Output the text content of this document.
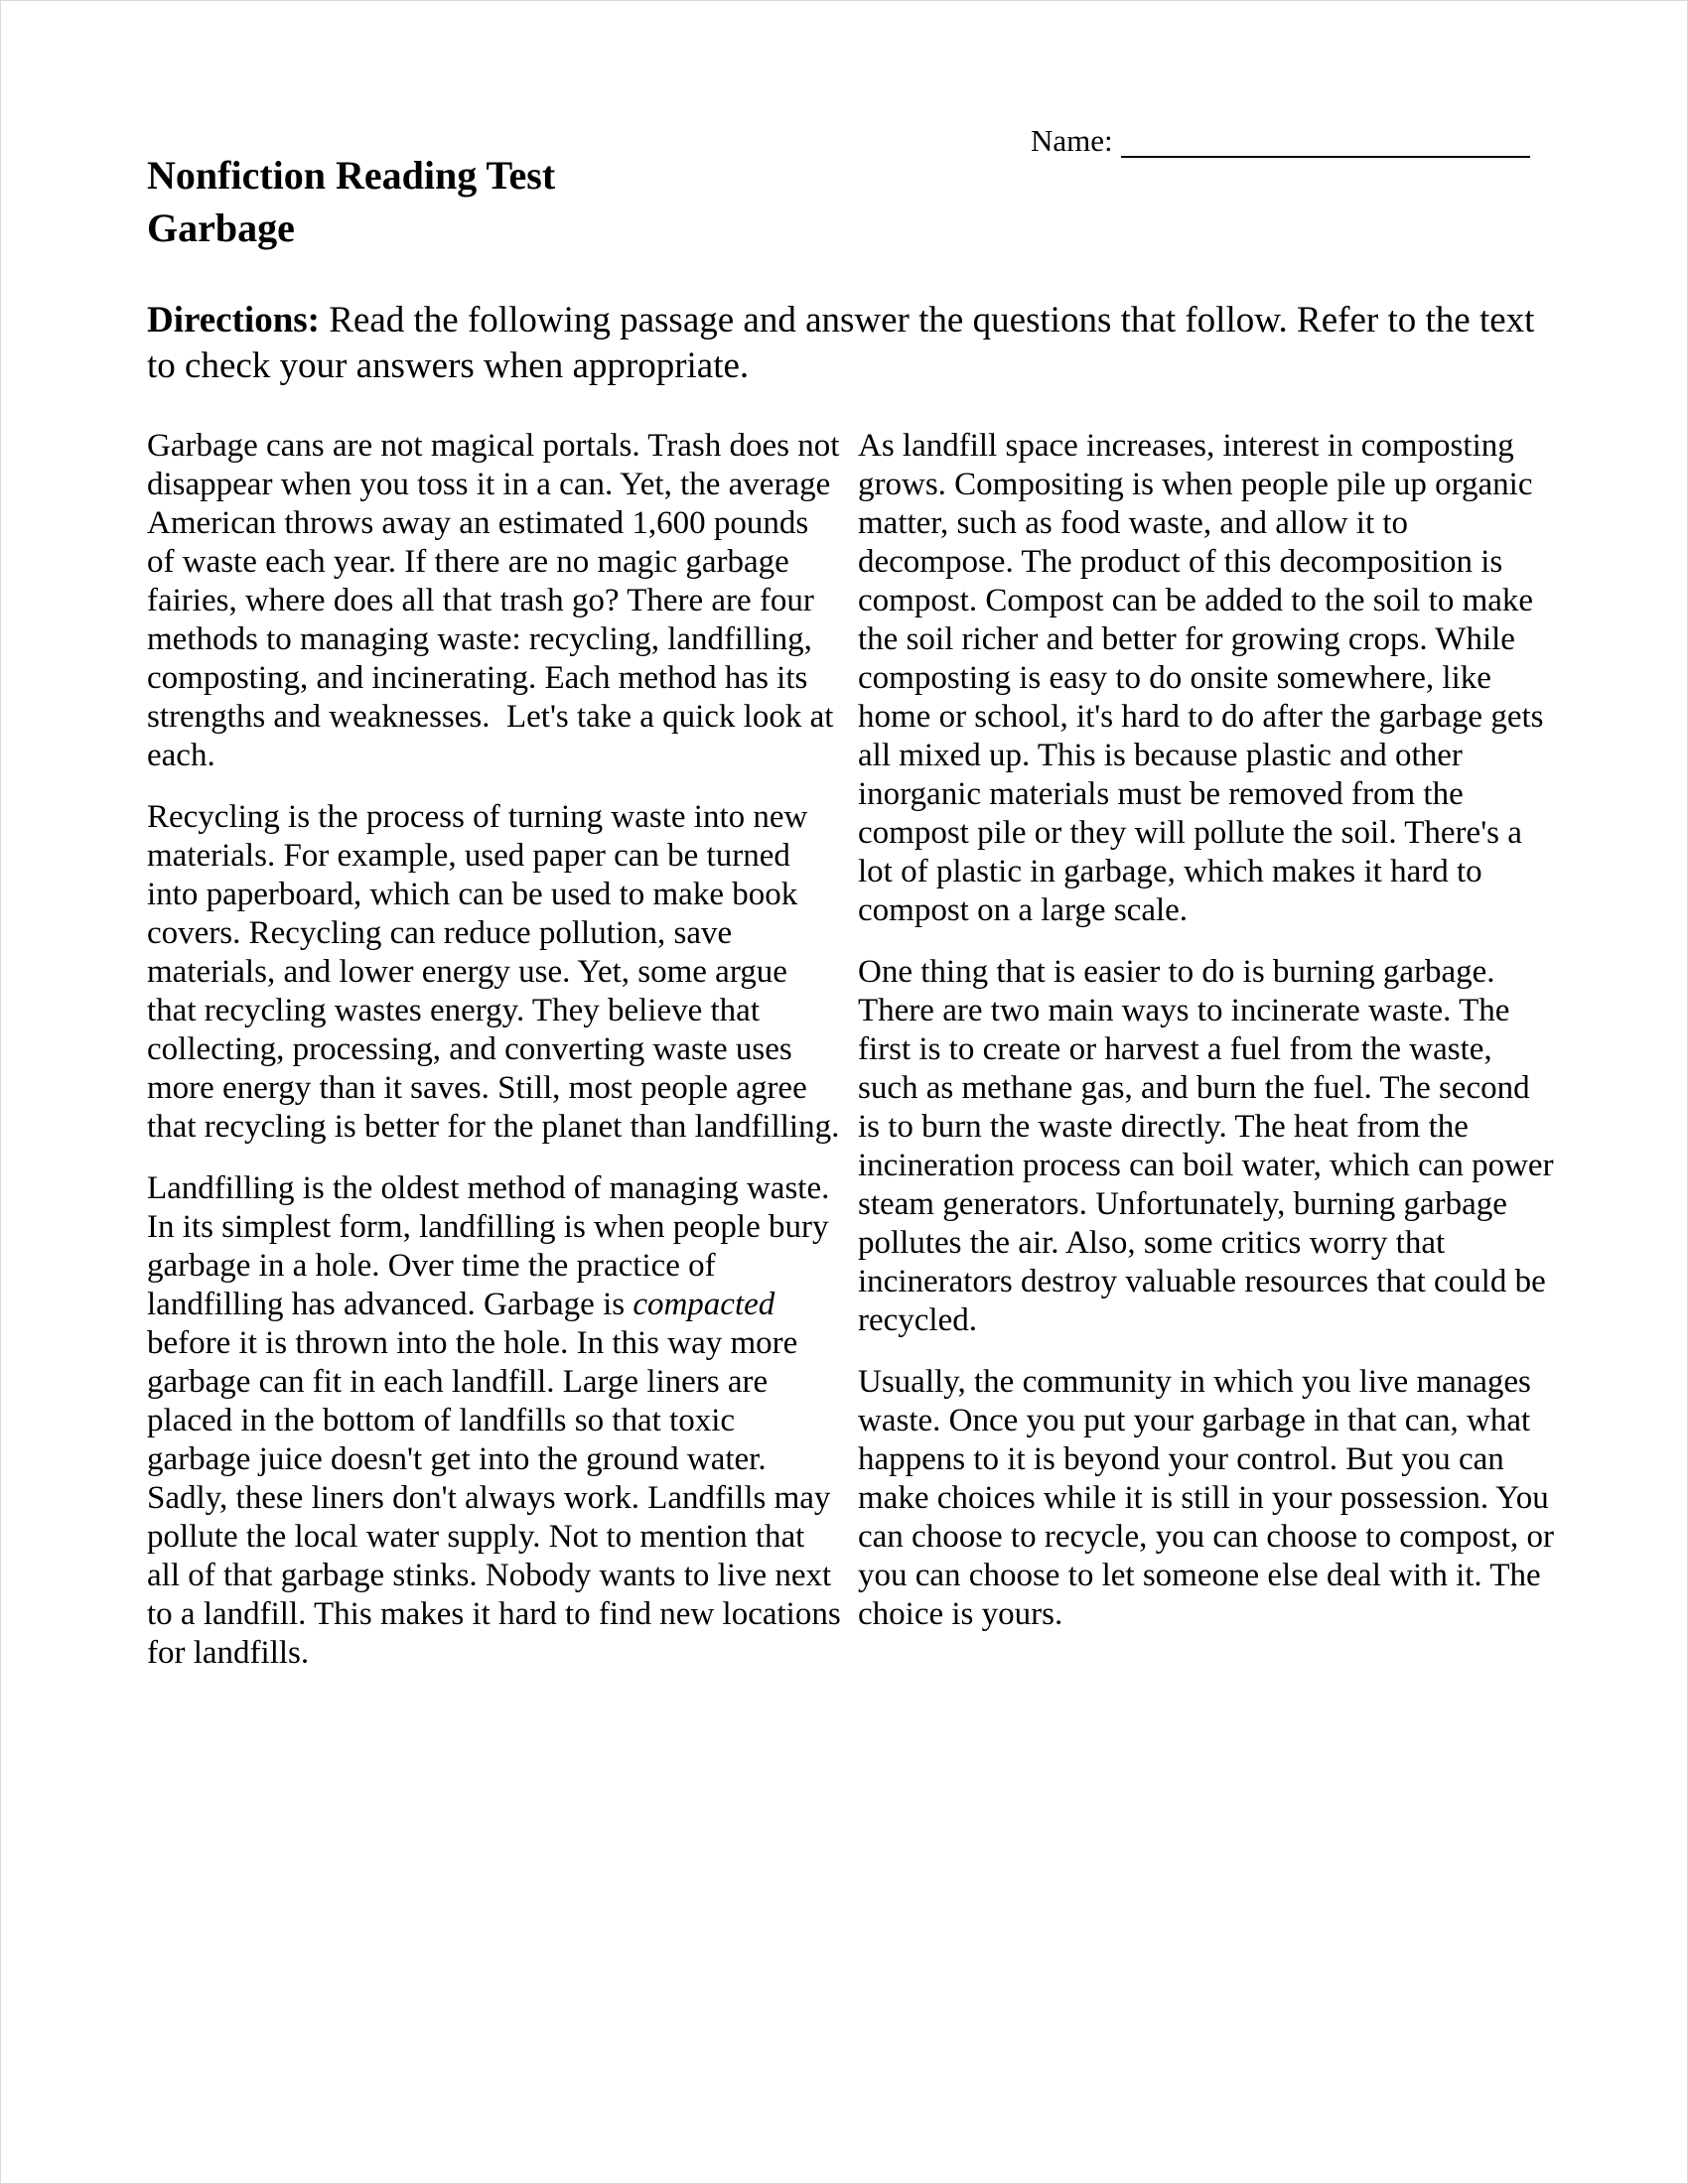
Name:
Nonfiction Reading Test
Garbage
Directions: Read the following passage and answer the questions that follow. Refer to the text to check your answers when appropriate.

Garbage cans are not magical portals. Trash does not disappear when you toss it in a can. Yet, the average American throws away an estimated 1,600 pounds of waste each year. If there are no magic garbage fairies, where does all that trash go? There are four methods to managing waste: recycling, landfilling, composting, and incinerating. Each method has its strengths and weaknesses.  Let's take a quick look at each.

Recycling is the process of turning waste into new materials. For example, used paper can be turned into paperboard, which can be used to make book covers. Recycling can reduce pollution, save materials, and lower energy use. Yet, some argue that recycling wastes energy. They believe that collecting, processing, and converting waste uses more energy than it saves. Still, most people agree that recycling is better for the planet than landfilling.

Landfilling is the oldest method of managing waste. In its simplest form, landfilling is when people bury garbage in a hole. Over time the practice of landfilling has advanced. Garbage is compacted before it is thrown into the hole. In this way more garbage can fit in each landfill. Large liners are placed in the bottom of landfills so that toxic garbage juice doesn't get into the ground water. Sadly, these liners don't always work. Landfills may pollute the local water supply. Not to mention that all of that garbage stinks. Nobody wants to live next to a landfill. This makes it hard to find new locations for landfills.

As landfill space increases, interest in composting grows. Compositing is when people pile up organic matter, such as food waste, and allow it to decompose. The product of this decomposition is compost. Compost can be added to the soil to make the soil richer and better for growing crops. While composting is easy to do onsite somewhere, like home or school, it's hard to do after the garbage gets all mixed up. This is because plastic and other inorganic materials must be removed from the compost pile or they will pollute the soil. There's a lot of plastic in garbage, which makes it hard to compost on a large scale.

One thing that is easier to do is burning garbage. There are two main ways to incinerate waste. The first is to create or harvest a fuel from the waste, such as methane gas, and burn the fuel. The second is to burn the waste directly. The heat from the incineration process can boil water, which can power steam generators. Unfortunately, burning garbage pollutes the air. Also, some critics worry that incinerators destroy valuable resources that could be recycled.

Usually, the community in which you live manages waste. Once you put your garbage in that can, what happens to it is beyond your control. But you can make choices while it is still in your possession. You can choose to recycle, you can choose to compost, or you can choose to let someone else deal with it. The choice is yours.
